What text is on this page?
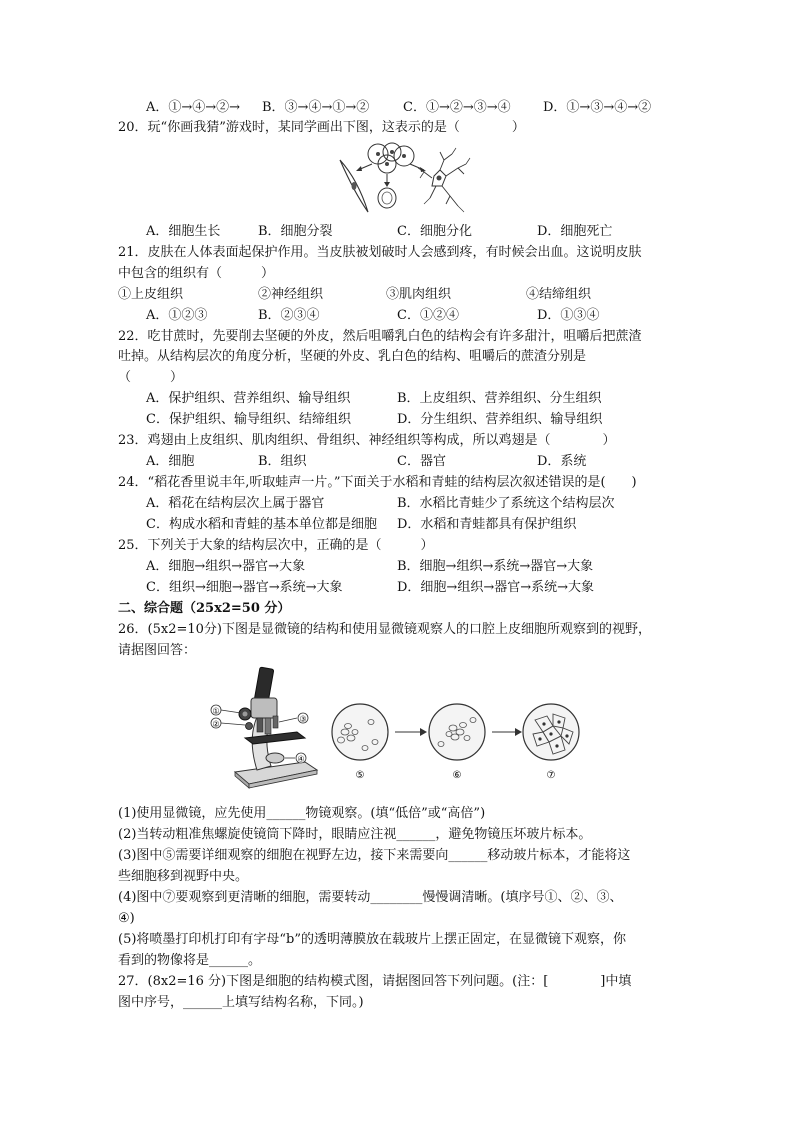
A．①→④→②→ B．③→④→①→②	C．①→②→③→④ D．①→③→④→②
20．玩“你画我猜”游戏时，某同学画出下图，这表示的是（　　　　）
A．细胞生长	B．细胞分裂	C．细胞分化	D．细胞死亡
21．皮肤在人体表面起保护作用。当皮肤被划破时人会感到疼，有时候会出血。这说明皮肤
中包含的组织有（　　　）
①上皮组织	②神经组织	③肌肉组织	④结缔组织
A．①②③	B．②③④	C．①②④	D．①③④
22．吃甘蔗时，先要削去坚硬的外皮，然后咀嚼乳白色的结构会有许多甜汁，咀嚼后把蔗渣
吐掉。从结构层次的角度分析，坚硬的外皮、乳白色的结构、咀嚼后的蔗渣分别是
（　　　）
A．保护组织、营养组织、输导组织	B．上皮组织、营养组织、分生组织
C．保护组织、输导组织、结缔组织	D．分生组织、营养组织、输导组织
23．鸡翅由上皮组织、肌肉组织、骨组织、神经组织等构成，所以鸡翅是（　　　　）
A．细胞	B．组织	C．器官	D．系统
24．“稻花香里说丰年,听取蛙声一片。”下面关于水稻和青蛙的结构层次叙述错误的是(　　)
A．稻花在结构层次上属于器官	B．水稻比青蛙少了系统这个结构层次
C．构成水稻和青蛙的基本单位都是细胞 D．水稻和青蛙都具有保护组织
25．下列关于大象的结构层次中，正确的是（　　　）
A．细胞→组织→器官→大象	B．细胞→组织→系统→器官→大象
C．组织→细胞→器官→系统→大象	D．细胞→组织→器官→系统→大象
二、综合题（25x2=50 分）
26．(5x2=10分)下图是显微镜的结构和使用显微镜观察人的口腔上皮细胞所观察到的视野，
请据图回答：
①
②
③
④
⑤	⑥	⑦
(1)使用显微镜，应先使用______物镜观察。(填“低倍”或“高倍”)
(2)当转动粗准焦螺旋使镜筒下降时，眼睛应注视______，避免物镜压坏玻片标本。
(3)图中⑤需要详细观察的细胞在视野左边，接下来需要向______移动玻片标本，才能将这
些细胞移到视野中央。
(4)图中⑦要观察到更清晰的细胞，需要转动________慢慢调清晰。(填序号①、②、③、
④)
(5)将喷墨打印机打印有字母“b”的透明薄膜放在载玻片上摆正固定，在显微镜下观察，你
看到的物像将是______。
27．(8x2=16 分)下图是细胞的结构模式图，请据图回答下列问题。(注：[　　　　]中填
图中序号，______上填写结构名称，下同。)
